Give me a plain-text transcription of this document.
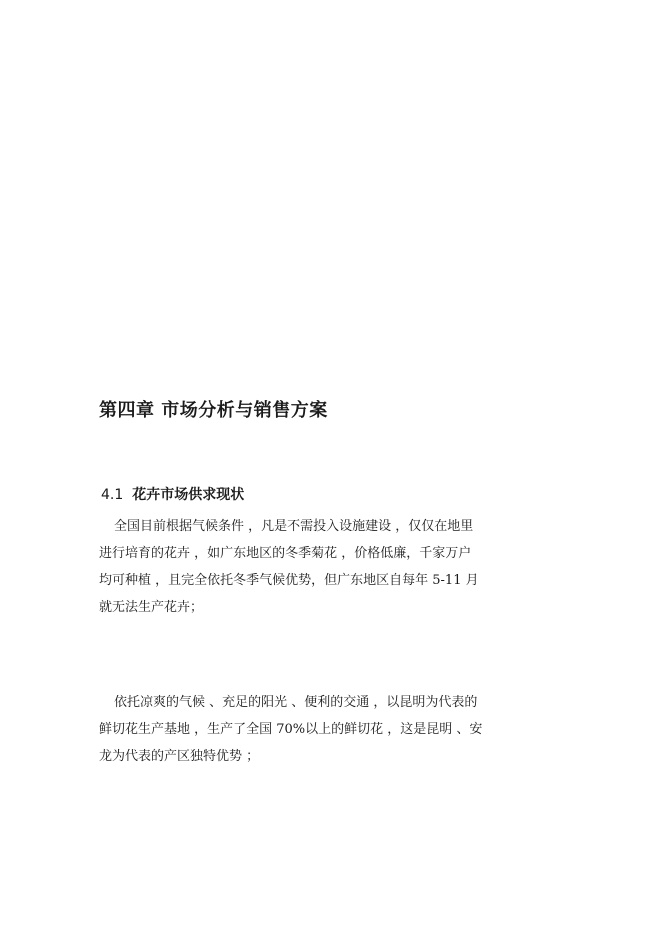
第四章 市场分析与销售方案
4.1 花卉市场供求现状
全国目前根据气候条件 ，凡是不需投入设施建设 ，仅仅在地里
进行培育的花卉 ，如广东地区的冬季菊花 ，价格低廉，千家万户
均可种植 ，且完全依托冬季气候优势，但广东地区自每年 5-11 月
就无法生产花卉；
依托凉爽的气候 、充足的阳光 、便利的交通 ，以昆明为代表的
鲜切花生产基地 ，生产了全国 70%以上的鲜切花 ，这是昆明 、安
龙为代表的产区独特优势 ；
